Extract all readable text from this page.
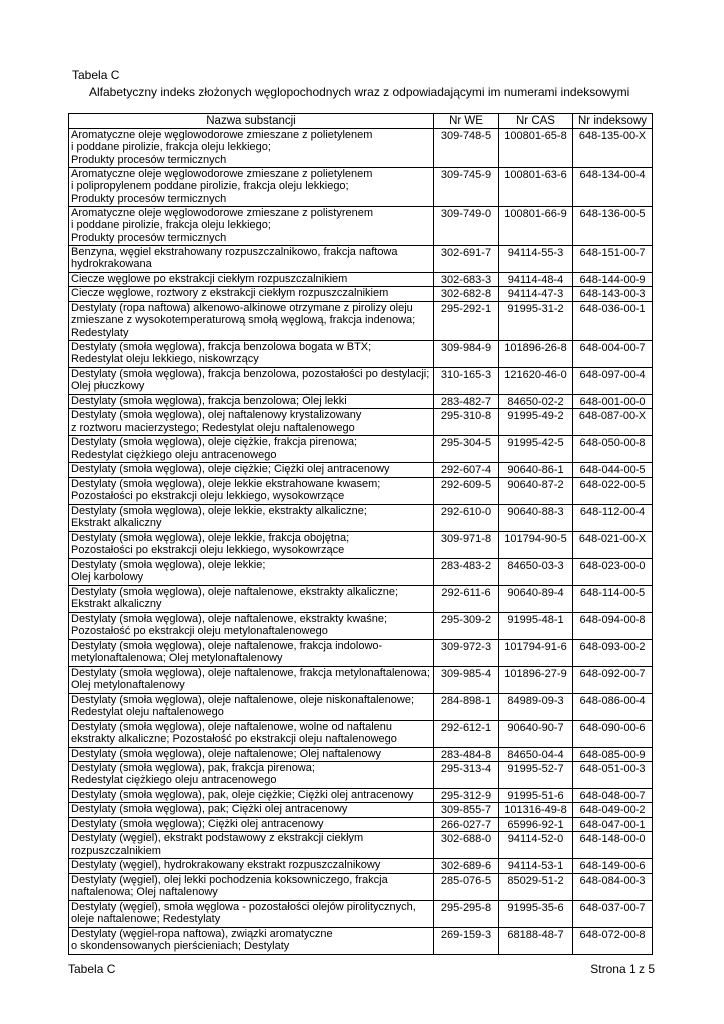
Tabela C
Alfabetyczny indeks złożonych węglopochodnych wraz z odpowiadającymi im numerami indeksowymi
Nazwa substancji	Nr WE	Nr CAS	Nr indeksowy
Aromatyczne oleje węglowodorowe zmieszane z polietylenem
i poddane pirolizie, frakcja oleju lekkiego;
Produkty procesów termicznych	309-748-5	100801-65-8	648-135-00-X
Aromatyczne oleje węglowodorowe zmieszane z polietylenem
i polipropylenem poddane pirolizie, frakcja oleju lekkiego;
Produkty procesów termicznych	309-745-9	100801-63-6	648-134-00-4
Aromatyczne oleje węglowodorowe zmieszane z polistyrenem
i poddane pirolizie, frakcja oleju lekkiego;
Produkty procesów termicznych	309-749-0	100801-66-9	648-136-00-5
Benzyna, węgiel ekstrahowany rozpuszczalnikowo, frakcja naftowa
hydrokrakowana	302-691-7	94114-55-3	648-151-00-7
Ciecze węglowe po ekstrakcji ciekłym rozpuszczalnikiem	302-683-3	94114-48-4	648-144-00-9
Ciecze węglowe, roztwory z ekstrakcji ciekłym rozpuszczalnikiem	302-682-8	94114-47-3	648-143-00-3
Destylaty (ropa naftowa) alkenowo-alkinowe otrzymane z pirolizy oleju
zmieszane z wysokotemperaturową smołą węglową, frakcja indenowa;
Redestylaty	295-292-1	91995-31-2	648-036-00-1
Destylaty (smoła węglowa), frakcja benzolowa bogata w BTX;
Redestylat oleju lekkiego, niskowrzący	309-984-9	101896-26-8	648-004-00-7
Destylaty (smoła węglowa), frakcja benzolowa, pozostałości po destylacji;
Olej płuczkowy	310-165-3	121620-46-0	648-097-00-4
Destylaty (smoła węglowa), frakcja benzolowa; Olej lekki	283-482-7	84650-02-2	648-001-00-0
Destylaty (smoła węglowa), olej naftalenowy krystalizowany
z roztworu macierzystego; Redestylat oleju naftalenowego	295-310-8	91995-49-2	648-087-00-X
Destylaty (smoła węglowa), oleje ciężkie, frakcja pirenowa;
Redestylat ciężkiego oleju antracenowego	295-304-5	91995-42-5	648-050-00-8
Destylaty (smoła węglowa), oleje ciężkie; Ciężki olej antracenowy	292-607-4	90640-86-1	648-044-00-5
Destylaty (smoła węglowa), oleje lekkie ekstrahowane kwasem;
Pozostałości po ekstrakcji oleju lekkiego, wysokowrzące	292-609-5	90640-87-2	648-022-00-5
Destylaty (smoła węglowa), oleje lekkie, ekstrakty alkaliczne;
Ekstrakt alkaliczny	292-610-0	90640-88-3	648-112-00-4
Destylaty (smoła węglowa), oleje lekkie, frakcja obojętna;
Pozostałości po ekstrakcji oleju lekkiego, wysokowrzące	309-971-8	101794-90-5	648-021-00-X
Destylaty (smoła węglowa), oleje lekkie;
Olej karbolowy	283-483-2	84650-03-3	648-023-00-0
Destylaty (smoła węglowa), oleje naftalenowe, ekstrakty alkaliczne;
Ekstrakt alkaliczny	292-611-6	90640-89-4	648-114-00-5
Destylaty (smoła węglowa), oleje naftalenowe, ekstrakty kwaśne;
Pozostałość po ekstrakcji oleju metylonaftalenowego	295-309-2	91995-48-1	648-094-00-8
Destylaty (smoła węglowa), oleje naftalenowe, frakcja indolowo-
metylonaftalenowa; Olej metylonaftalenowy	309-972-3	101794-91-6	648-093-00-2
Destylaty (smoła węglowa), oleje naftalenowe, frakcja metylonaftalenowa;
Olej metylonaftalenowy	309-985-4	101896-27-9	648-092-00-7
Destylaty (smoła węglowa), oleje naftalenowe, oleje niskonaftalenowe;
Redestylat oleju naftalenowego	284-898-1	84989-09-3	648-086-00-4
Destylaty (smoła węglowa), oleje naftalenowe, wolne od naftalenu
ekstrakty alkaliczne; Pozostałość po ekstrakcji oleju naftalenowego	292-612-1	90640-90-7	648-090-00-6
Destylaty (smoła węglowa), oleje naftalenowe; Olej naftalenowy	283-484-8	84650-04-4	648-085-00-9
Destylaty (smoła węglowa), pak, frakcja pirenowa;
Redestylat ciężkiego oleju antracenowego	295-313-4	91995-52-7	648-051-00-3
Destylaty (smoła węglowa), pak, oleje ciężkie; Ciężki olej antracenowy	295-312-9	91995-51-6	648-048-00-7
Destylaty (smoła węglowa), pak; Ciężki olej antracenowy	309-855-7	101316-49-8	648-049-00-2
Destylaty (smoła węglowa); Ciężki olej antracenowy	266-027-7	65996-92-1	648-047-00-1
Destylaty (węgiel), ekstrakt podstawowy z ekstrakcji ciekłym
rozpuszczalnikiem	302-688-0	94114-52-0	648-148-00-0
Destylaty (węgiel), hydrokrakowany ekstrakt rozpuszczalnikowy	302-689-6	94114-53-1	648-149-00-6
Destylaty (węgiel), olej lekki pochodzenia koksowniczego, frakcja
naftalenowa; Olej naftalenowy	285-076-5	85029-51-2	648-084-00-3
Destylaty (węgiel), smoła węglowa - pozostałości olejów pirolitycznych,
oleje naftalenowe; Redestylaty	295-295-8	91995-35-6	648-037-00-7
Destylaty (węgiel-ropa naftowa), związki aromatyczne
o skondensowanych pierścieniach; Destylaty	269-159-3	68188-48-7	648-072-00-8
Tabela C	Strona 1 z 5
